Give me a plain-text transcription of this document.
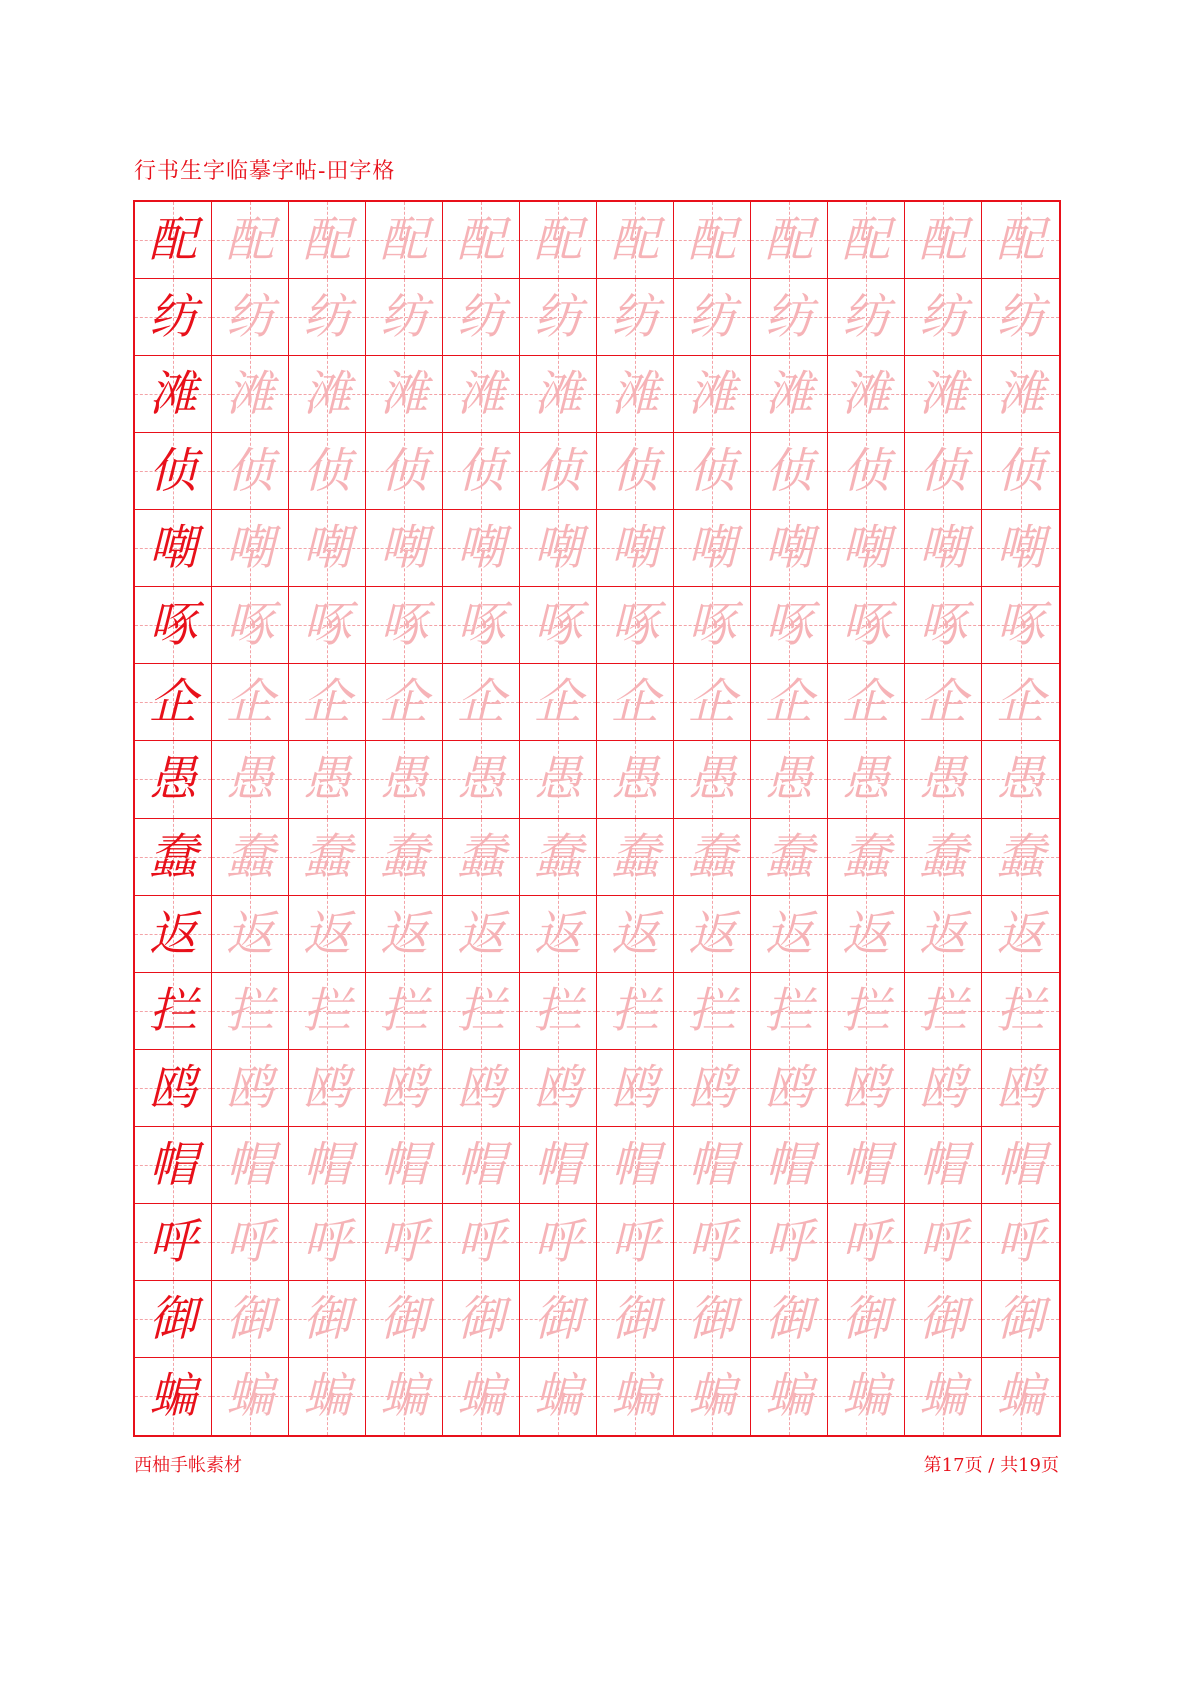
行书生字临摹字帖-田字格
配 配 配 配 配 配 配 配 配 配 配 配
纺 纺 纺 纺 纺 纺 纺 纺 纺 纺 纺 纺
滩 滩 滩 滩 滩 滩 滩 滩 滩 滩 滩 滩
侦 侦 侦 侦 侦 侦 侦 侦 侦 侦 侦 侦
嘲 嘲 嘲 嘲 嘲 嘲 嘲 嘲 嘲 嘲 嘲 嘲
啄 啄 啄 啄 啄 啄 啄 啄 啄 啄 啄 啄
企 企 企 企 企 企 企 企 企 企 企 企
愚 愚 愚 愚 愚 愚 愚 愚 愚 愚 愚 愚
蠢 蠢 蠢 蠢 蠢 蠢 蠢 蠢 蠢 蠢 蠢 蠢
返 返 返 返 返 返 返 返 返 返 返 返
拦 拦 拦 拦 拦 拦 拦 拦 拦 拦 拦 拦
鸥 鸥 鸥 鸥 鸥 鸥 鸥 鸥 鸥 鸥 鸥 鸥
帽 帽 帽 帽 帽 帽 帽 帽 帽 帽 帽 帽
呼 呼 呼 呼 呼 呼 呼 呼 呼 呼 呼 呼
御 御 御 御 御 御 御 御 御 御 御 御
蝙 蝙 蝙 蝙 蝙 蝙 蝙 蝙 蝙 蝙 蝙 蝙
西柚手帐素材	第17页 / 共19页
